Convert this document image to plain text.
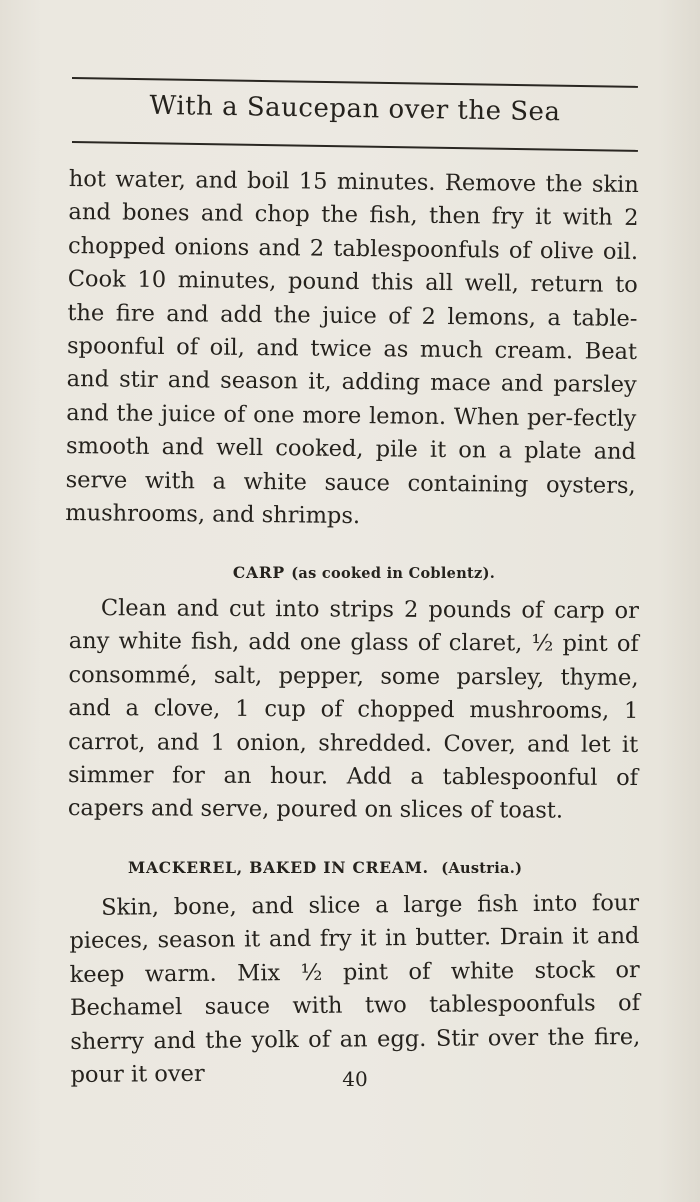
With a Saucepan over the Sea

hot water, and boil 15 minutes. Remove the skin and bones and chop the fish, then fry it with 2 chopped onions and 2 tablespoonfuls of olive oil. Cook 10 minutes, pound this all well, return to the fire and add the juice of 2 lemons, a table-spoonful of oil, and twice as much cream. Beat and stir and season it, adding mace and parsley and the juice of one more lemon. When per-fectly smooth and well cooked, pile it on a plate and serve with a white sauce containing oysters, mushrooms, and shrimps.

CARP (as cooked in Coblentz).

Clean and cut into strips 2 pounds of carp or any white fish, add one glass of claret, ½ pint of consommé, salt, pepper, some parsley, thyme, and a clove, 1 cup of chopped mushrooms, 1 carrot, and 1 onion, shredded. Cover, and let it simmer for an hour. Add a tablespoonful of capers and serve, poured on slices of toast.

MACKEREL, BAKED IN CREAM. (Austria.)

Skin, bone, and slice a large fish into four pieces, season it and fry it in butter. Drain it and keep warm. Mix ½ pint of white stock or Bechamel sauce with two tablespoonfuls of sherry and the yolk of an egg. Stir over the fire, pour it over	40
